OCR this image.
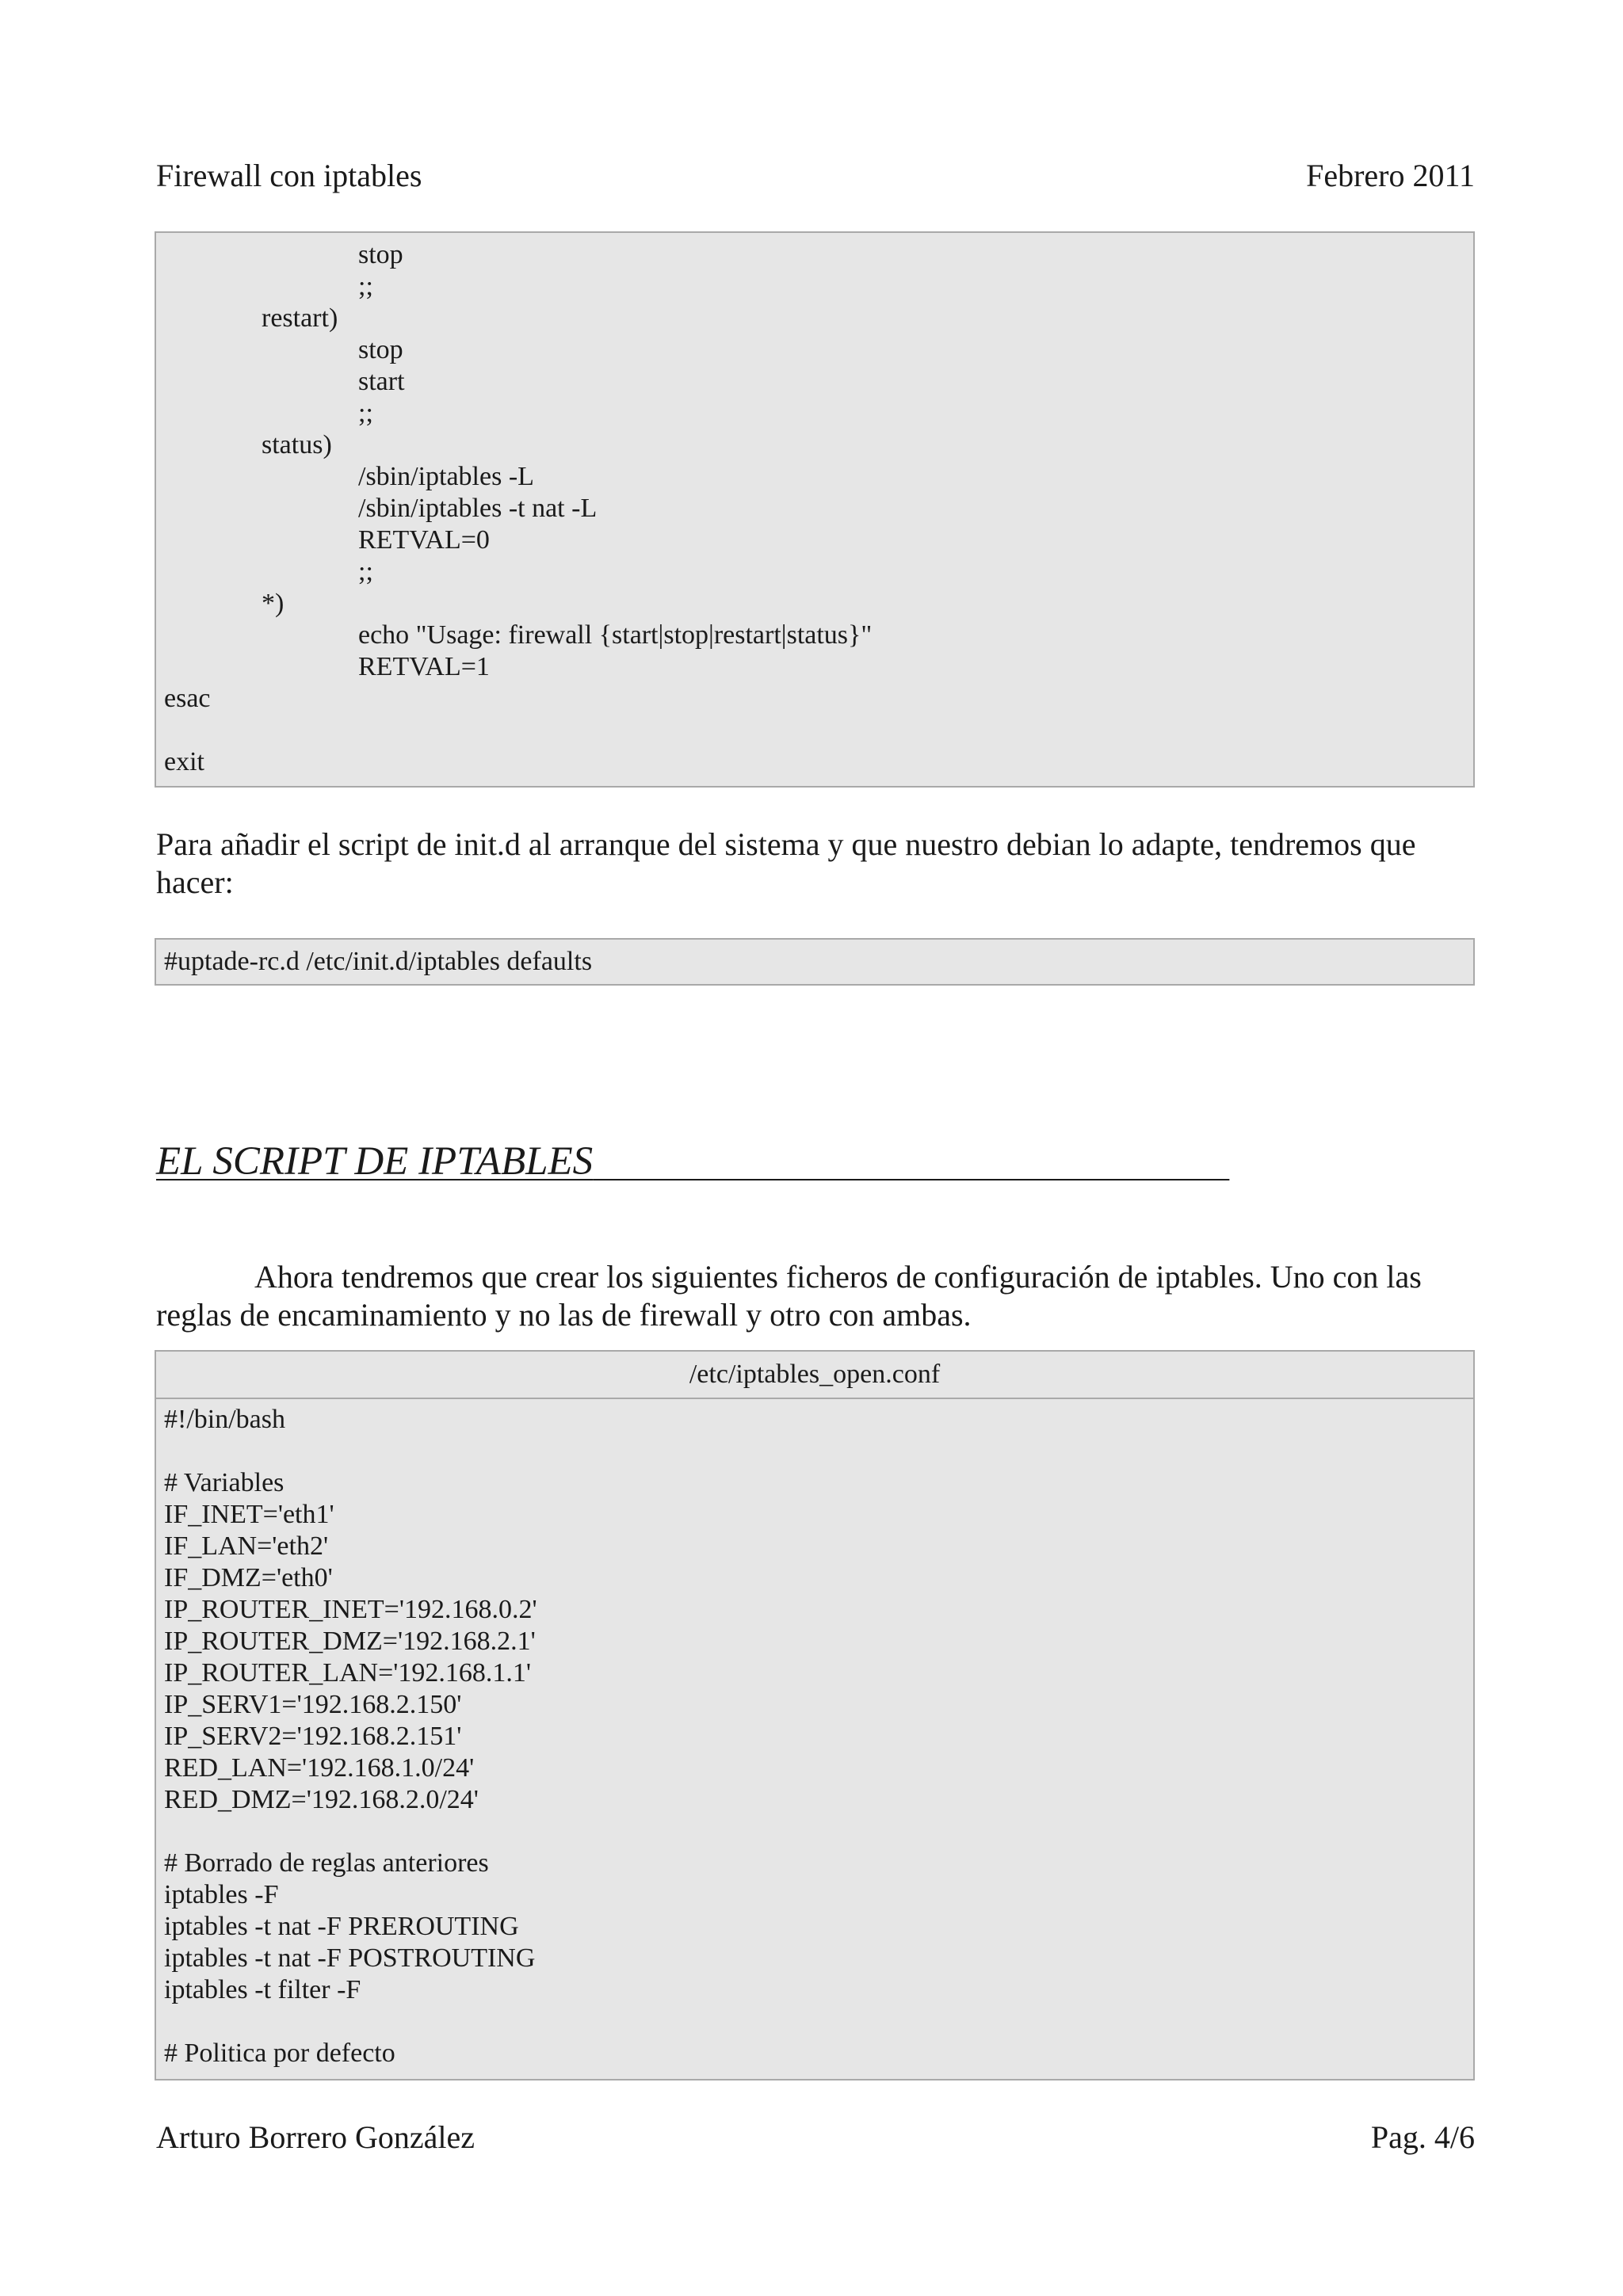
Firewall con iptables	Febrero 2011
stop
;;
restart)
stop
start
;;
status)
/sbin/iptables -L
/sbin/iptables -t nat -L
RETVAL=0
;;
*)
echo "Usage: firewall {start|stop|restart|status}"
RETVAL=1
esac
exit
Para añadir el script de init.d al arranque del sistema y que nuestro debian lo adapte, tendremos que hacer:
#uptade-rc.d /etc/init.d/iptables defaults
EL SCRIPT DE IPTABLES
Ahora tendremos que crear los siguientes ficheros de configuración de iptables. Uno con las reglas de encaminamiento y no las de firewall y otro con ambas.
/etc/iptables_open.conf
#!/bin/bash
# Variables
IF_INET='eth1'
IF_LAN='eth2'
IF_DMZ='eth0'
IP_ROUTER_INET='192.168.0.2'
IP_ROUTER_DMZ='192.168.2.1'
IP_ROUTER_LAN='192.168.1.1'
IP_SERV1='192.168.2.150'
IP_SERV2='192.168.2.151'
RED_LAN='192.168.1.0/24'
RED_DMZ='192.168.2.0/24'
# Borrado de reglas anteriores
iptables -F
iptables -t nat -F PREROUTING
iptables -t nat -F POSTROUTING
iptables -t filter -F
# Politica por defecto
Arturo Borrero González	Pag. 4/6
